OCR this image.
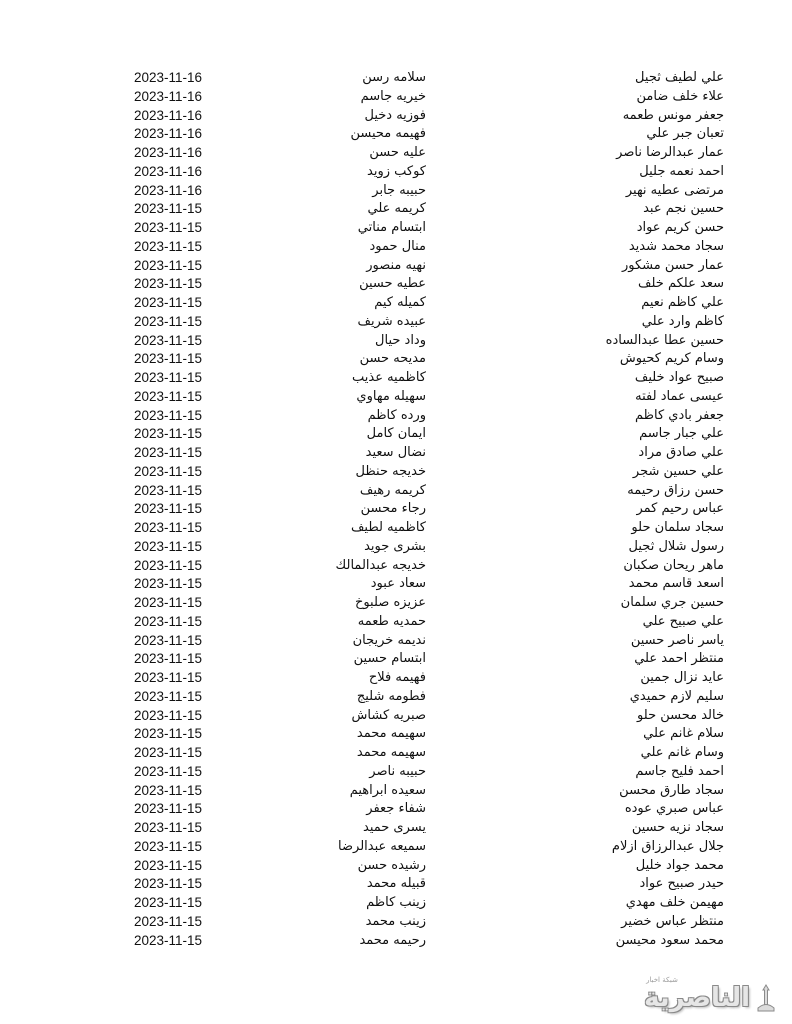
علي لطيف ثجيل
سلامه رسن
2023-11-16
علاء خلف ضامن
خيريه جاسم
2023-11-16
جعفر مونس طعمه
فوزيه دخيل
2023-11-16
تعبان جبر علي
فهيمه محيسن
2023-11-16
عمار عبدالرضا ناصر
عليه حسن
2023-11-16
احمد نعمه جليل
كوكب زويد
2023-11-16
مرتضى عطيه نهير
حبيبه جابر
2023-11-16
حسين نجم عبد
كريمه علي
2023-11-15
حسن كريم عواد
ابتسام مناتي
2023-11-15
سجاد محمد شديد
منال حمود
2023-11-15
عمار حسن مشكور
نهيه منصور
2023-11-15
سعد علكم خلف
عطيه حسين
2023-11-15
علي كاظم نعيم
كميله كيم
2023-11-15
كاظم وارد علي
عبيده شريف
2023-11-15
حسين عطا عبدالساده
وداد حيال
2023-11-15
وسام كريم كحيوش
مديحه حسن
2023-11-15
صبيح عواد خليف
كاظميه عذيب
2023-11-15
عيسى عماد لفته
سهيله مهاوي
2023-11-15
جعفر بادي كاظم
ورده كاظم
2023-11-15
علي جبار جاسم
ايمان كامل
2023-11-15
علي صادق مراد
نضال سعيد
2023-11-15
علي حسين شجر
خديجه حنظل
2023-11-15
حسن رزاق رحيمه
كريمه رهيف
2023-11-15
عباس رحيم كمر
رجاء محسن
2023-11-15
سجاد سلمان حلو
كاظميه لطيف
2023-11-15
رسول شلال ثجيل
بشرى جويد
2023-11-15
ماهر ريحان صكبان
خديجه عبدالمالك
2023-11-15
اسعد قاسم محمد
سعاد عبود
2023-11-15
حسين جري سلمان
عزيزه صلبوخ
2023-11-15
علي صبيح علي
حمديه طعمه
2023-11-15
ياسر ناصر حسين
نديمه خريجان
2023-11-15
منتظر احمد علي
ابتسام حسين
2023-11-15
عايد نزال جمين
فهيمه فلاح
2023-11-15
سليم لازم حميدي
فطومه شليج
2023-11-15
خالد محسن حلو
صبريه كشاش
2023-11-15
سلام غانم علي
سهيمه محمد
2023-11-15
وسام غانم علي
سهيمه محمد
2023-11-15
احمد فليح جاسم
حبيبه ناصر
2023-11-15
سجاد طارق محسن
سعيده ابراهيم
2023-11-15
عباس صبري عوده
شفاء جعفر
2023-11-15
سجاد نزيه حسين
يسرى حميد
2023-11-15
جلال عبدالرزاق ازلام
سميعه عبدالرضا
2023-11-15
محمد جواد خليل
رشيده حسن
2023-11-15
حيدر صبيح عواد
قبيله محمد
2023-11-15
مهيمن خلف مهدي
زينب كاظم
2023-11-15
منتظر عباس خضير
زينب محمد
2023-11-15
محمد سعود محيسن
رحيمه محمد
2023-11-15
شبكة اخبار
الناصرية
